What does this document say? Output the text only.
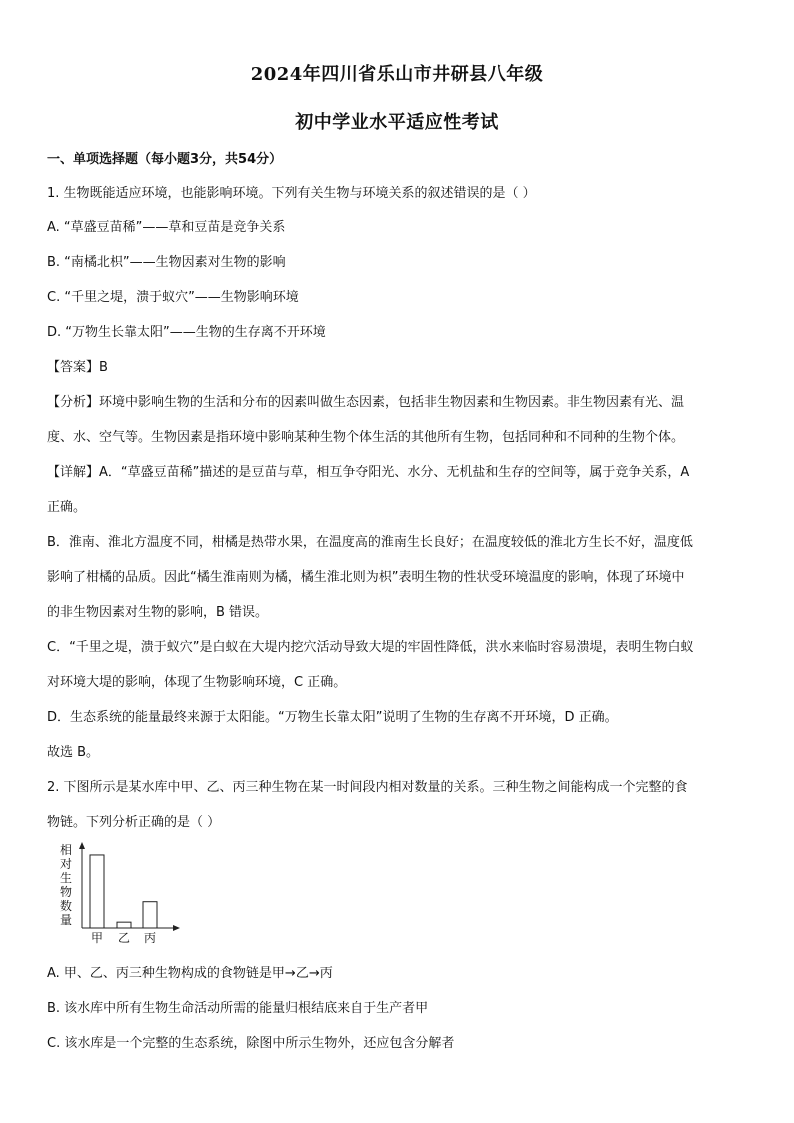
2024年四川省乐山市井研县八年级
初中学业水平适应性考试
一、单项选择题（每小题3分，共54分）
1. 生物既能适应环境，也能影响环境。下列有关生物与环境关系的叙述错误的是（ ）
A. “草盛豆苗稀”——草和豆苗是竞争关系
B. “南橘北枳”——生物因素对生物的影响
C. “千里之堤，溃于蚁穴”——生物影响环境
D. “万物生长靠太阳”——生物的生存离不开环境
【答案】B
【分析】环境中影响生物的生活和分布的因素叫做生态因素，包括非生物因素和生物因素。非生物因素有光、温
度、水、空气等。生物因素是指环境中影响某种生物个体生活的其他所有生物，包括同种和不同种的生物个体。
【详解】A．“草盛豆苗稀”描述的是豆苗与草，相互争夺阳光、水分、无机盐和生存的空间等，属于竞争关系，A
正确。
B．淮南、淮北方温度不同，柑橘是热带水果，在温度高的淮南生长良好；在温度较低的淮北方生长不好，温度低
影响了柑橘的品质。因此“橘生淮南则为橘，橘生淮北则为枳”表明生物的性状受环境温度的影响，体现了环境中
的非生物因素对生物的影响，B 错误。
C．“千里之堤，溃于蚁穴”是白蚁在大堤内挖穴活动导致大堤的牢固性降低，洪水来临时容易溃堤，表明生物白蚁
对环境大堤的影响，体现了生物影响环境，C 正确。
D．生态系统的能量最终来源于太阳能。“万物生长靠太阳”说明了生物的生存离不开环境，D 正确。
故选 B。
2. 下图所示是某水库中甲、乙、丙三种生物在某一时间段内相对数量的关系。三种生物之间能构成一个完整的食
物链。下列分析正确的是（ ）
相
对
生
物
数
量
甲 乙 丙
A. 甲、乙、丙三种生物构成的食物链是甲→乙→丙
B. 该水库中所有生物生命活动所需的能量归根结底来自于生产者甲
C. 该水库是一个完整的生态系统，除图中所示生物外，还应包含分解者
